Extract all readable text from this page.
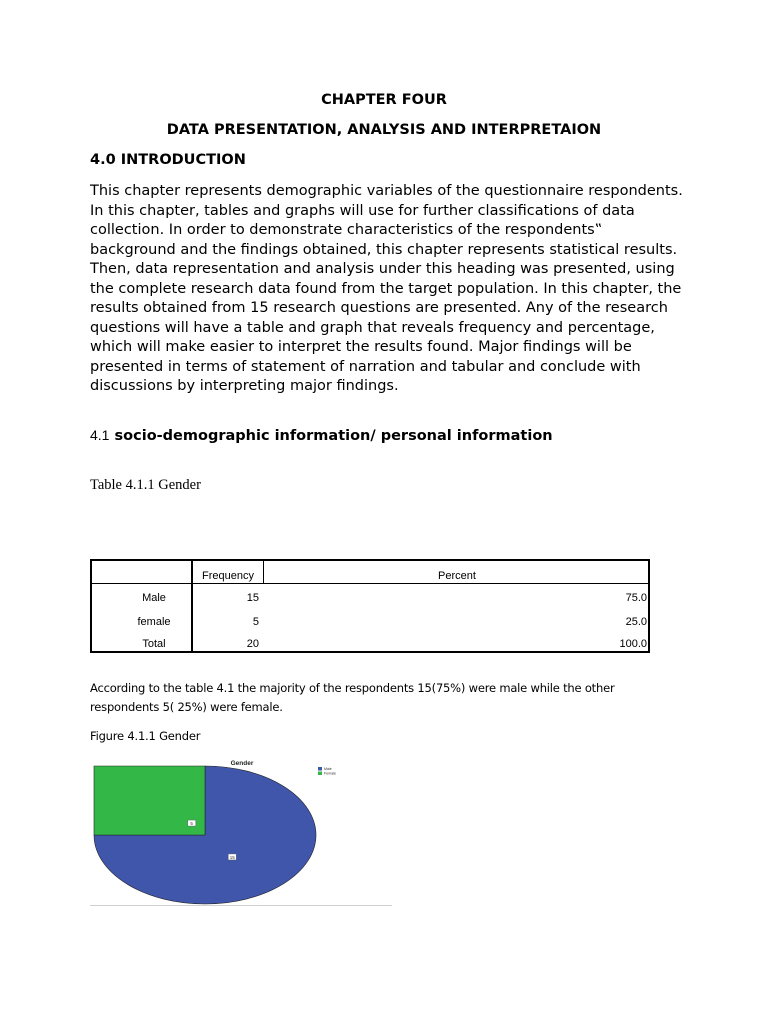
CHAPTER FOUR
DATA PRESENTATION, ANALYSIS AND INTERPRETAION
4.0 INTRODUCTION

This chapter represents demographic variables of the questionnaire respondents. In this chapter, tables and graphs will use for further classifications of data collection. In order to demonstrate characteristics of the respondents‟ background and the findings obtained, this chapter represents statistical results. Then, data representation and analysis under this heading was presented, using the complete research data found from the target population. In this chapter, the results obtained from 15 research questions are presented. Any of the research questions will have a table and graph that reveals frequency and percentage, which will make easier to interpret the results found. Major findings will be presented in terms of statement of narration and tabular and conclude with discussions by interpreting major findings.

4.1 socio-demographic information/ personal information
Table 4.1.1 Gender
Frequency	Percent
Male	15	75.0
female	5	25.0
Total	20	100.0

According to the table 4.1 the majority of the respondents 15(75%) were male while the other respondents 5( 25%) were female.

Figure 4.1.1 Gender
Gender
15
5
Male
Female
